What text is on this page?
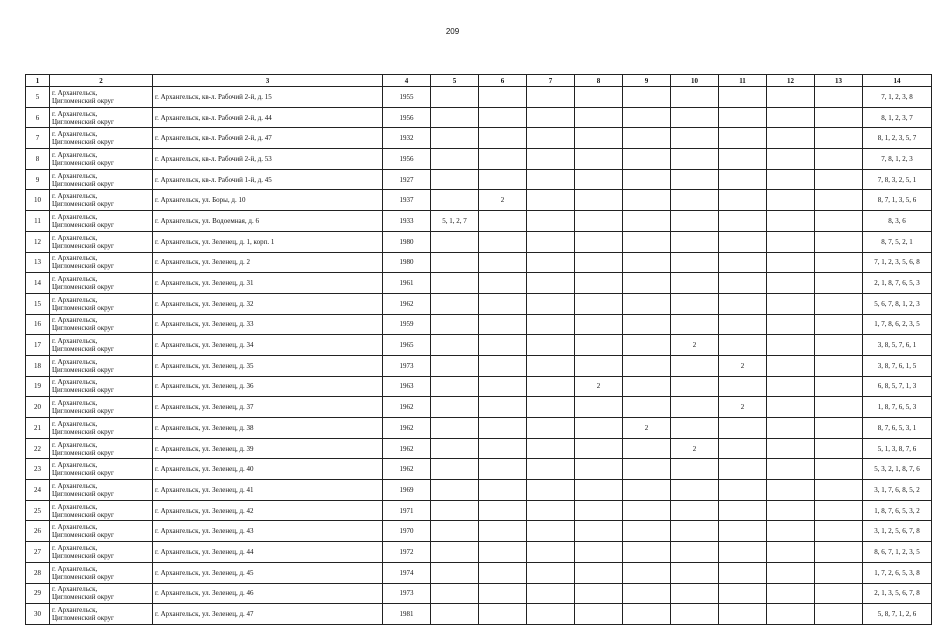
209
1	2	3	4	5	6	7	8	9	10	11	12	13	14
5	г. Архангельск,
Цигломенский округ	г. Архангельск, кв-л. Рабочий 2-й, д. 15	1955										7, 1, 2, 3, 8
6	г. Архангельск,
Цигломенский округ	г. Архангельск, кв-л. Рабочий 2-й, д. 44	1956										8, 1, 2, 3, 7
7	г. Архангельск,
Цигломенский округ	г. Архангельск, кв-л. Рабочий 2-й, д. 47	1932										8, 1, 2, 3, 5, 7
8	г. Архангельск,
Цигломенский округ	г. Архангельск, кв-л. Рабочий 2-й, д. 53	1956										7, 8, 1, 2, 3
9	г. Архангельск,
Цигломенский округ	г. Архангельск, кв-л. Рабочий 1-й, д. 45	1927										7, 8, 3, 2, 5, 1
10	г. Архангельск,
Цигломенский округ	г. Архангельск, ул. Боры, д. 10	1937		2								8, 7, 1, 3, 5, 6
11	г. Архангельск,
Цигломенский округ	г. Архангельск, ул. Водоемная, д. 6	1933	5, 1, 2, 7									8, 3, 6
12	г. Архангельск,
Цигломенский округ	г. Архангельск, ул. Зеленец, д. 1, корп. 1	1980										8, 7, 5, 2, 1
13	г. Архангельск,
Цигломенский округ	г. Архангельск, ул. Зеленец, д. 2	1980										7, 1, 2, 3, 5, 6, 8
14	г. Архангельск,
Цигломенский округ	г. Архангельск, ул. Зеленец, д. 31	1961										2, 1, 8, 7, 6, 5, 3
15	г. Архангельск,
Цигломенский округ	г. Архангельск, ул. Зеленец, д. 32	1962										5, 6, 7, 8, 1, 2, 3
16	г. Архангельск,
Цигломенский округ	г. Архангельск, ул. Зеленец, д. 33	1959										1, 7, 8, 6, 2, 3, 5
17	г. Архангельск,
Цигломенский округ	г. Архангельск, ул. Зеленец, д. 34	1965						2				3, 8, 5, 7, 6, 1
18	г. Архангельск,
Цигломенский округ	г. Архангельск, ул. Зеленец, д. 35	1973							2			3, 8, 7, 6, 1, 5
19	г. Архангельск,
Цигломенский округ	г. Архангельск, ул. Зеленец, д. 36	1963				2						6, 8, 5, 7, 1, 3
20	г. Архангельск,
Цигломенский округ	г. Архангельск, ул. Зеленец, д. 37	1962							2			1, 8, 7, 6, 5, 3
21	г. Архангельск,
Цигломенский округ	г. Архангельск, ул. Зеленец, д. 38	1962					2					8, 7, 6, 5, 3, 1
22	г. Архангельск,
Цигломенский округ	г. Архангельск, ул. Зеленец, д. 39	1962						2				5, 1, 3, 8, 7, 6
23	г. Архангельск,
Цигломенский округ	г. Архангельск, ул. Зеленец, д. 40	1962										5, 3, 2, 1, 8, 7, 6
24	г. Архангельск,
Цигломенский округ	г. Архангельск, ул. Зеленец, д. 41	1969										3, 1, 7, 6, 8, 5, 2
25	г. Архангельск,
Цигломенский округ	г. Архангельск, ул. Зеленец, д. 42	1971										1, 8, 7, 6, 5, 3, 2
26	г. Архангельск,
Цигломенский округ	г. Архангельск, ул. Зеленец, д. 43	1970										3, 1, 2, 5, 6, 7, 8
27	г. Архангельск,
Цигломенский округ	г. Архангельск, ул. Зеленец, д. 44	1972										8, 6, 7, 1, 2, 3, 5
28	г. Архангельск,
Цигломенский округ	г. Архангельск, ул. Зеленец, д. 45	1974										1, 7, 2, 6, 5, 3, 8
29	г. Архангельск,
Цигломенский округ	г. Архангельск, ул. Зеленец, д. 46	1973										2, 1, 3, 5, 6, 7, 8
30	г. Архангельск,
Цигломенский округ	г. Архангельск, ул. Зеленец, д. 47	1981										5, 8, 7, 1, 2, 6
